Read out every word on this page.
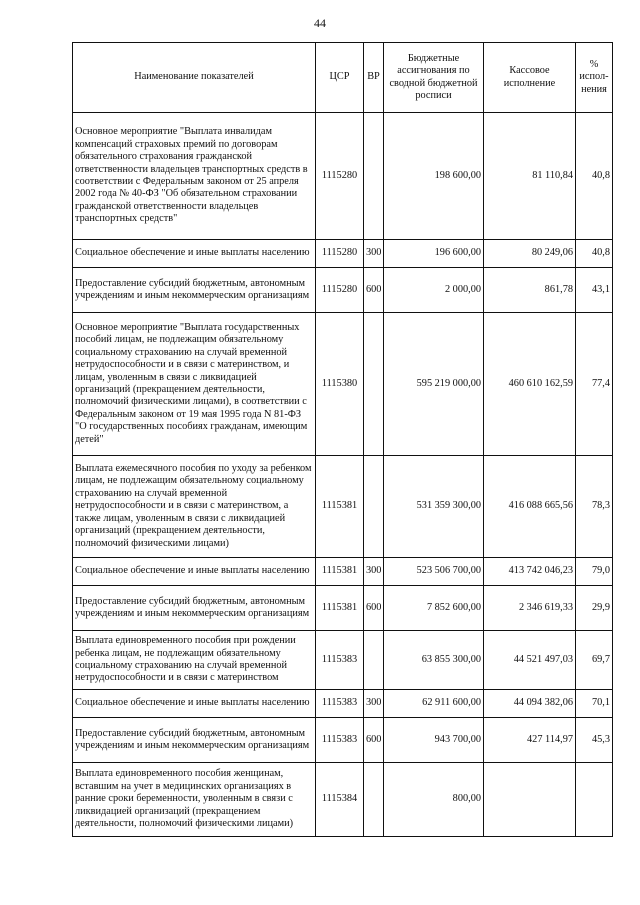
44
Наименование показателей	ЦСР	ВР	Бюджетные ассигнования по сводной бюджетной росписи	Кассовое исполнение	% испол-нения
Основное мероприятие "Выплата инвалидам компенсаций страховых премий по договорам обязательного страхования гражданской ответственности владельцев транспортных средств в соответствии с Федеральным законом от 25 апреля 2002 года № 40-ФЗ "Об обязательном страховании гражданской ответственности владельцев транспортных средств"	1115280		198 600,00	81 110,84	40,8
Социальное обеспечение и иные выплаты населению	1115280	300	196 600,00	80 249,06	40,8
Предоставление субсидий бюджетным, автономным учреждениям и иным некоммерческим организациям	1115280	600	2 000,00	861,78	43,1
Основное мероприятие "Выплата государственных пособий лицам, не подлежащим обязательному социальному страхованию на случай временной нетрудоспособности и в связи с материнством, и лицам, уволенным в связи с ликвидацией организаций (прекращением деятельности, полномочий физическими лицами), в соответствии с Федеральным законом от 19 мая 1995 года N 81-ФЗ "О государственных пособиях гражданам, имеющим детей"	1115380		595 219 000,00	460 610 162,59	77,4
Выплата ежемесячного пособия по уходу за ребенком лицам, не подлежащим обязательному социальному страхованию на случай временной нетрудоспособности и в связи с материнством, а также лицам, уволенным в связи с ликвидацией организаций (прекращением деятельности, полномочий физическими лицами)	1115381		531 359 300,00	416 088 665,56	78,3
Социальное обеспечение и иные выплаты населению	1115381	300	523 506 700,00	413 742 046,23	79,0
Предоставление субсидий бюджетным, автономным учреждениям и иным некоммерческим организациям	1115381	600	7 852 600,00	2 346 619,33	29,9
Выплата единовременного пособия при рождении ребенка лицам, не подлежащим обязательному социальному страхованию на случай временной нетрудоспособности и в связи с материнством	1115383		63 855 300,00	44 521 497,03	69,7
Социальное обеспечение и иные выплаты населению	1115383	300	62 911 600,00	44 094 382,06	70,1
Предоставление субсидий бюджетным, автономным учреждениям и иным некоммерческим организациям	1115383	600	943 700,00	427 114,97	45,3
Выплата единовременного пособия женщинам, вставшим на учет в медицинских организациях в ранние сроки беременности, уволенным в связи с ликвидацией организаций (прекращением деятельности, полномочий физическими лицами)	1115384		800,00		
